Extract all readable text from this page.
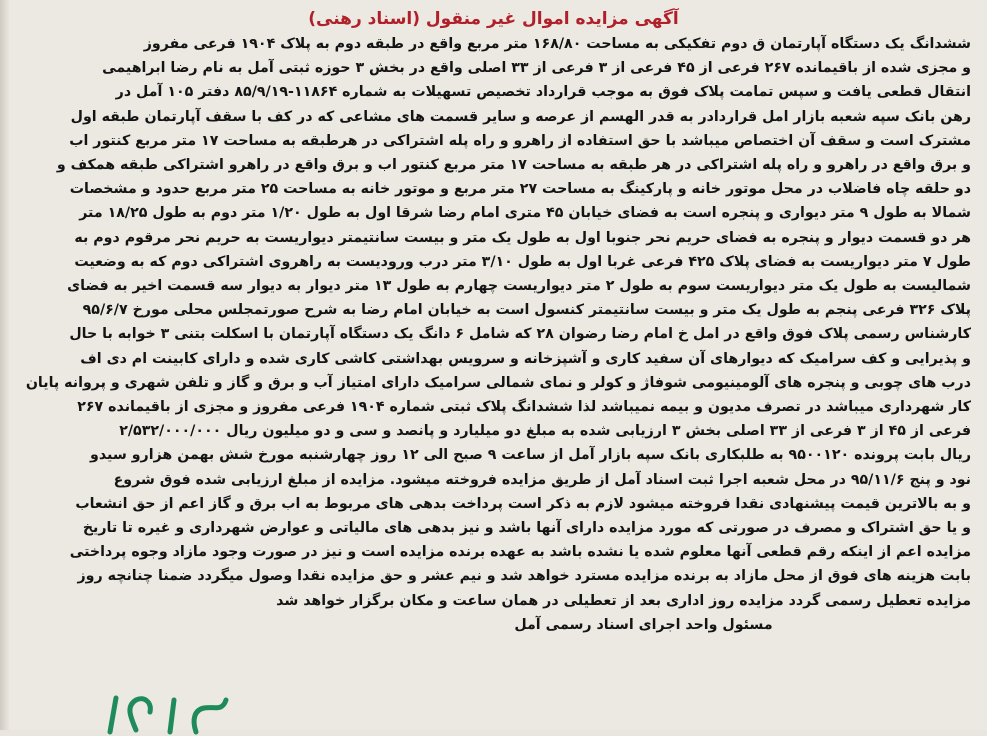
آگهی مزایده اموال غیر منقول (اسناد رهنی)

ششدانگ یک دستگاه آپارتمان ق دوم تفکیکی به مساحت ۱۶۸/۸۰ متر مربع واقع در طبقه دوم به پلاک ۱۹۰۴ فرعی مفروز
و مجزی شده از باقیمانده ۲۶۷ فرعی از ۴۵ فرعی از ۳ فرعی از ۳۳ اصلی واقع در بخش ۳ حوزه ثبتی آمل به نام رضا ابراهیمی
انتقال قطعی یافت و سپس تمامت پلاک فوق به موجب قرارداد تخصیص تسهیلات به شماره ۱۱۸۶۴-۸۵/۹/۱۹ دفتر ۱۰۵ آمل در
رهن بانک سپه شعبه بازار امل قراردادر به قدر الهسم از عرصه و سایر قسمت های مشاعی که در کف با سقف آپارتمان طبقه اول
مشترک است و سقف آن اختصاص میباشد با حق استفاده از راهرو و راه پله اشتراکی در هرطبقه به مساحت ۱۷ متر مربع کنتور اب
و برق واقع در راهرو و راه پله اشتراکی در هر طبقه به مساحت ۱۷ متر مربع کنتور اب و برق واقع در راهرو اشتراکی طبقه همکف و
دو حلقه چاه فاضلاب در محل موتور خانه و پارکینگ به مساحت ۲۷ متر مربع و موتور خانه به مساحت ۲۵ متر مربع حدود و مشخصات
شمالا به طول ۹ متر دیواری و پنجره است به فضای خیابان ۴۵ متری امام رضا شرقا اول به طول ۱/۲۰ متر دوم به طول ۱۸/۲۵ متر
هر دو قسمت دیوار و پنجره به فضای حریم نحر جنوبا اول به طول یک متر و بیست سانتیمتر دیواریست به حریم نحر مرقوم دوم به
طول ۷ متر دیواریست به فضای پلاک ۴۲۵ فرعی غربا اول به طول ۳/۱۰ متر درب ورودیست به راهروی اشتراکی دوم که به وضعیت
شمالیست به طول یک متر دیواریست سوم به طول ۲ متر دیواریست چهارم به طول ۱۳ متر دیوار به دیوار سه قسمت اخیر به فضای
پلاک ۳۲۶ فرعی پنجم به طول یک متر و بیست سانتیمتر کنسول است به خیابان امام رضا به شرح صورتمجلس محلی مورخ ۹۵/۶/۷
کارشناس رسمی پلاک فوق واقع در امل خ امام رضا رضوان ۲۸ که شامل ۶ دانگ یک دستگاه آپارتمان با اسکلت بتنی ۳ خوابه با حال
و پذیرایی و کف سرامیک که دیوارهای آن سفید کاری و آشپزخانه و سرویس بهداشتی کاشی کاری شده و دارای کابینت ام دی اف
درب های چوبی و پنجره های آلومینیومی شوفاژ و کولر و نمای شمالی سرامیک دارای امتیاز آب و برق و گاز و تلفن شهری و پروانه پایان
کار شهرداری میباشد در تصرف مدیون و بیمه نمیباشد لذا ششدانگ پلاک ثبتی شماره ۱۹۰۴ فرعی مفروز و مجزی از باقیمانده ۲۶۷
فرعی از ۴۵ از ۳ فرعی از ۳۳ اصلی بخش ۳ ارزیابی شده به مبلغ دو میلیارد و پانصد و سی و دو میلیون ریال ۲/۵۳۲/۰۰۰/۰۰۰
ریال بابت پرونده ۹۵۰۰۱۲۰ به طلبکاری بانک سپه بازار آمل از ساعت ۹ صبح الی ۱۲ روز چهارشنبه مورخ شش بهمن هزارو سیدو
نود و پنج ۹۵/۱۱/۶ در محل شعبه اجرا ثبت اسناد آمل از طریق مزایده فروخته میشود. مزایده از مبلغ ارزیابی شده فوق شروع
و به بالاترین قیمت پیشنهادی نقدا فروخته میشود لازم به ذکر است پرداخت بدهی های مربوط به اب برق و گاز اعم از حق انشعاب
و یا حق اشتراک و مصرف در صورتی که مورد مزایده دارای آنها باشد و نیز بدهی های مالیاتی و عوارض شهرداری و غیره تا تاریخ
مزایده اعم از اینکه رقم قطعی آنها معلوم شده یا نشده باشد به عهده برنده مزایده است و نیز در صورت وجود مازاد وجوه پرداختی
بابت هزینه های فوق از محل مازاد به برنده مزایده مسترد خواهد شد و نیم عشر و حق مزایده نقدا وصول میگردد ضمنا چنانچه روز
مزایده تعطیل رسمی گردد مزایده روز اداری بعد از تعطیلی در همان ساعت و مکان برگزار خواهد شد

مسئول واحد اجرای اسناد رسمی آمل
